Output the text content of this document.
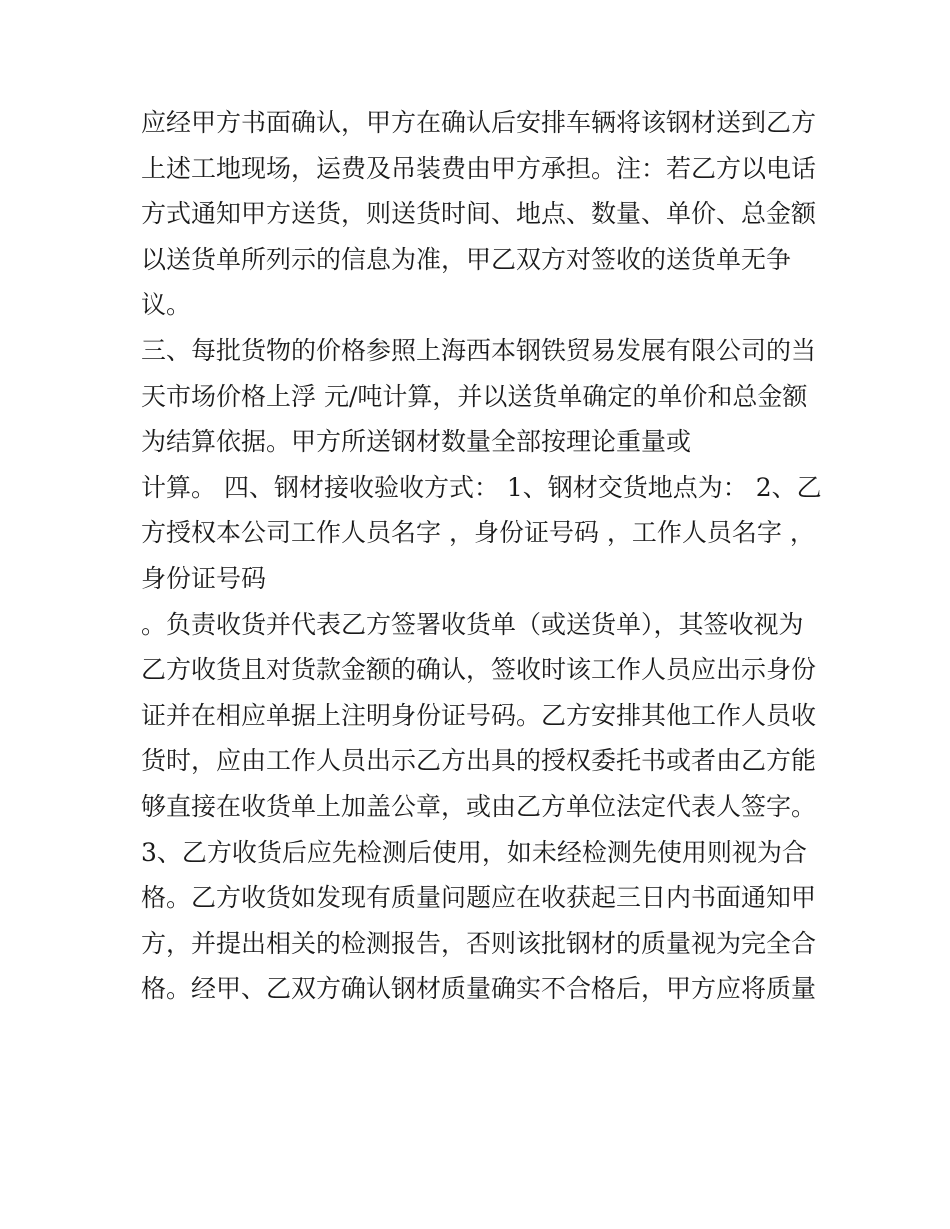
应经甲方书面确认，甲方在确认后安排车辆将该钢材送到乙方

上述工地现场，运费及吊装费由甲方承担。注：若乙方以电话

方式通知甲方送货，则送货时间、地点、数量、单价、总金额

以送货单所列示的信息为准，甲乙双方对签收的送货单无争

议。

三、每批货物的价格参照上海西本钢铁贸易发展有限公司的当

天市场价格上浮 元/吨计算，并以送货单确定的单价和总金额

为结算依据。甲方所送钢材数量全部按理论重量或

计算。 四、钢材接收验收方式： 1、钢材交货地点为： 2、乙

方授权本公司工作人员名字 ，身份证号码 ，工作人员名字 ，

身份证号码

。负责收货并代表乙方签署收货单（或送货单），其签收视为

乙方收货且对货款金额的确认，签收时该工作人员应出示身份

证并在相应单据上注明身份证号码。乙方安排其他工作人员收

货时，应由工作人员出示乙方出具的授权委托书或者由乙方能

够直接在收货单上加盖公章，或由乙方单位法定代表人签字。

3、乙方收货后应先检测后使用，如未经检测先使用则视为合

格。乙方收货如发现有质量问题应在收获起三日内书面通知甲

方，并提出相关的检测报告，否则该批钢材的质量视为完全合

格。经甲、乙双方确认钢材质量确实不合格后，甲方应将质量
